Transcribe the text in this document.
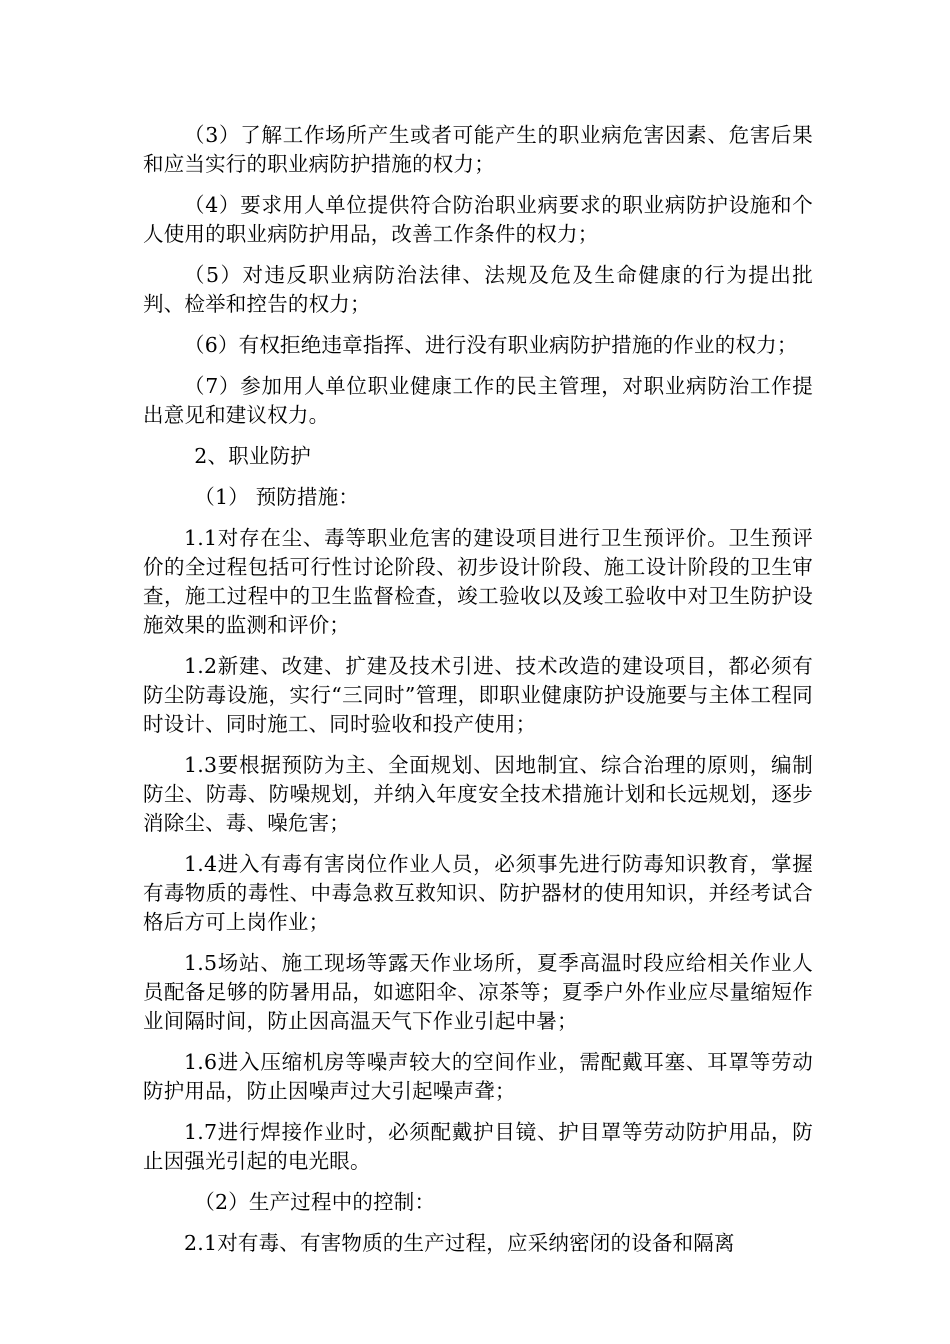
（3）了解工作场所产生或者可能产生的职业病危害因素、危害后果和应当实行的职业病防护措施的权力；

（4）要求用人单位提供符合防治职业病要求的职业病防护设施和个人使用的职业病防护用品，改善工作条件的权力；

（5）对违反职业病防治法律、法规及危及生命健康的行为提出批判、检举和控告的权力；

（6）有权拒绝违章指挥、进行没有职业病防护措施的作业的权力；

（7）参加用人单位职业健康工作的民主管理，对职业病防治工作提出意见和建议权力。

2、职业防护

（1） 预防措施：

1.1对存在尘、毒等职业危害的建设项目进行卫生预评价。卫生预评价的全过程包括可行性讨论阶段、初步设计阶段、施工设计阶段的卫生审查，施工过程中的卫生监督检查，竣工验收以及竣工验收中对卫生防护设施效果的监测和评价；

1.2新建、改建、扩建及技术引进、技术改造的建设项目，都必须有防尘防毒设施，实行“三同时”管理，即职业健康防护设施要与主体工程同时设计、同时施工、同时验收和投产使用；

1.3要根据预防为主、全面规划、因地制宜、综合治理的原则，编制防尘、防毒、防噪规划，并纳入年度安全技术措施计划和长远规划，逐步消除尘、毒、噪危害；

1.4进入有毒有害岗位作业人员，必须事先进行防毒知识教育，掌握有毒物质的毒性、中毒急救互救知识、防护器材的使用知识，并经考试合格后方可上岗作业；

1.5场站、施工现场等露天作业场所，夏季高温时段应给相关作业人员配备足够的防暑用品，如遮阳伞、凉茶等；夏季户外作业应尽量缩短作业间隔时间，防止因高温天气下作业引起中暑；

1.6进入压缩机房等噪声较大的空间作业，需配戴耳塞、耳罩等劳动防护用品，防止因噪声过大引起噪声聋；

1.7进行焊接作业时，必须配戴护目镜、护目罩等劳动防护用品，防止因强光引起的电光眼。

（2）生产过程中的控制：

2.1对有毒、有害物质的生产过程，应采纳密闭的设备和隔离
